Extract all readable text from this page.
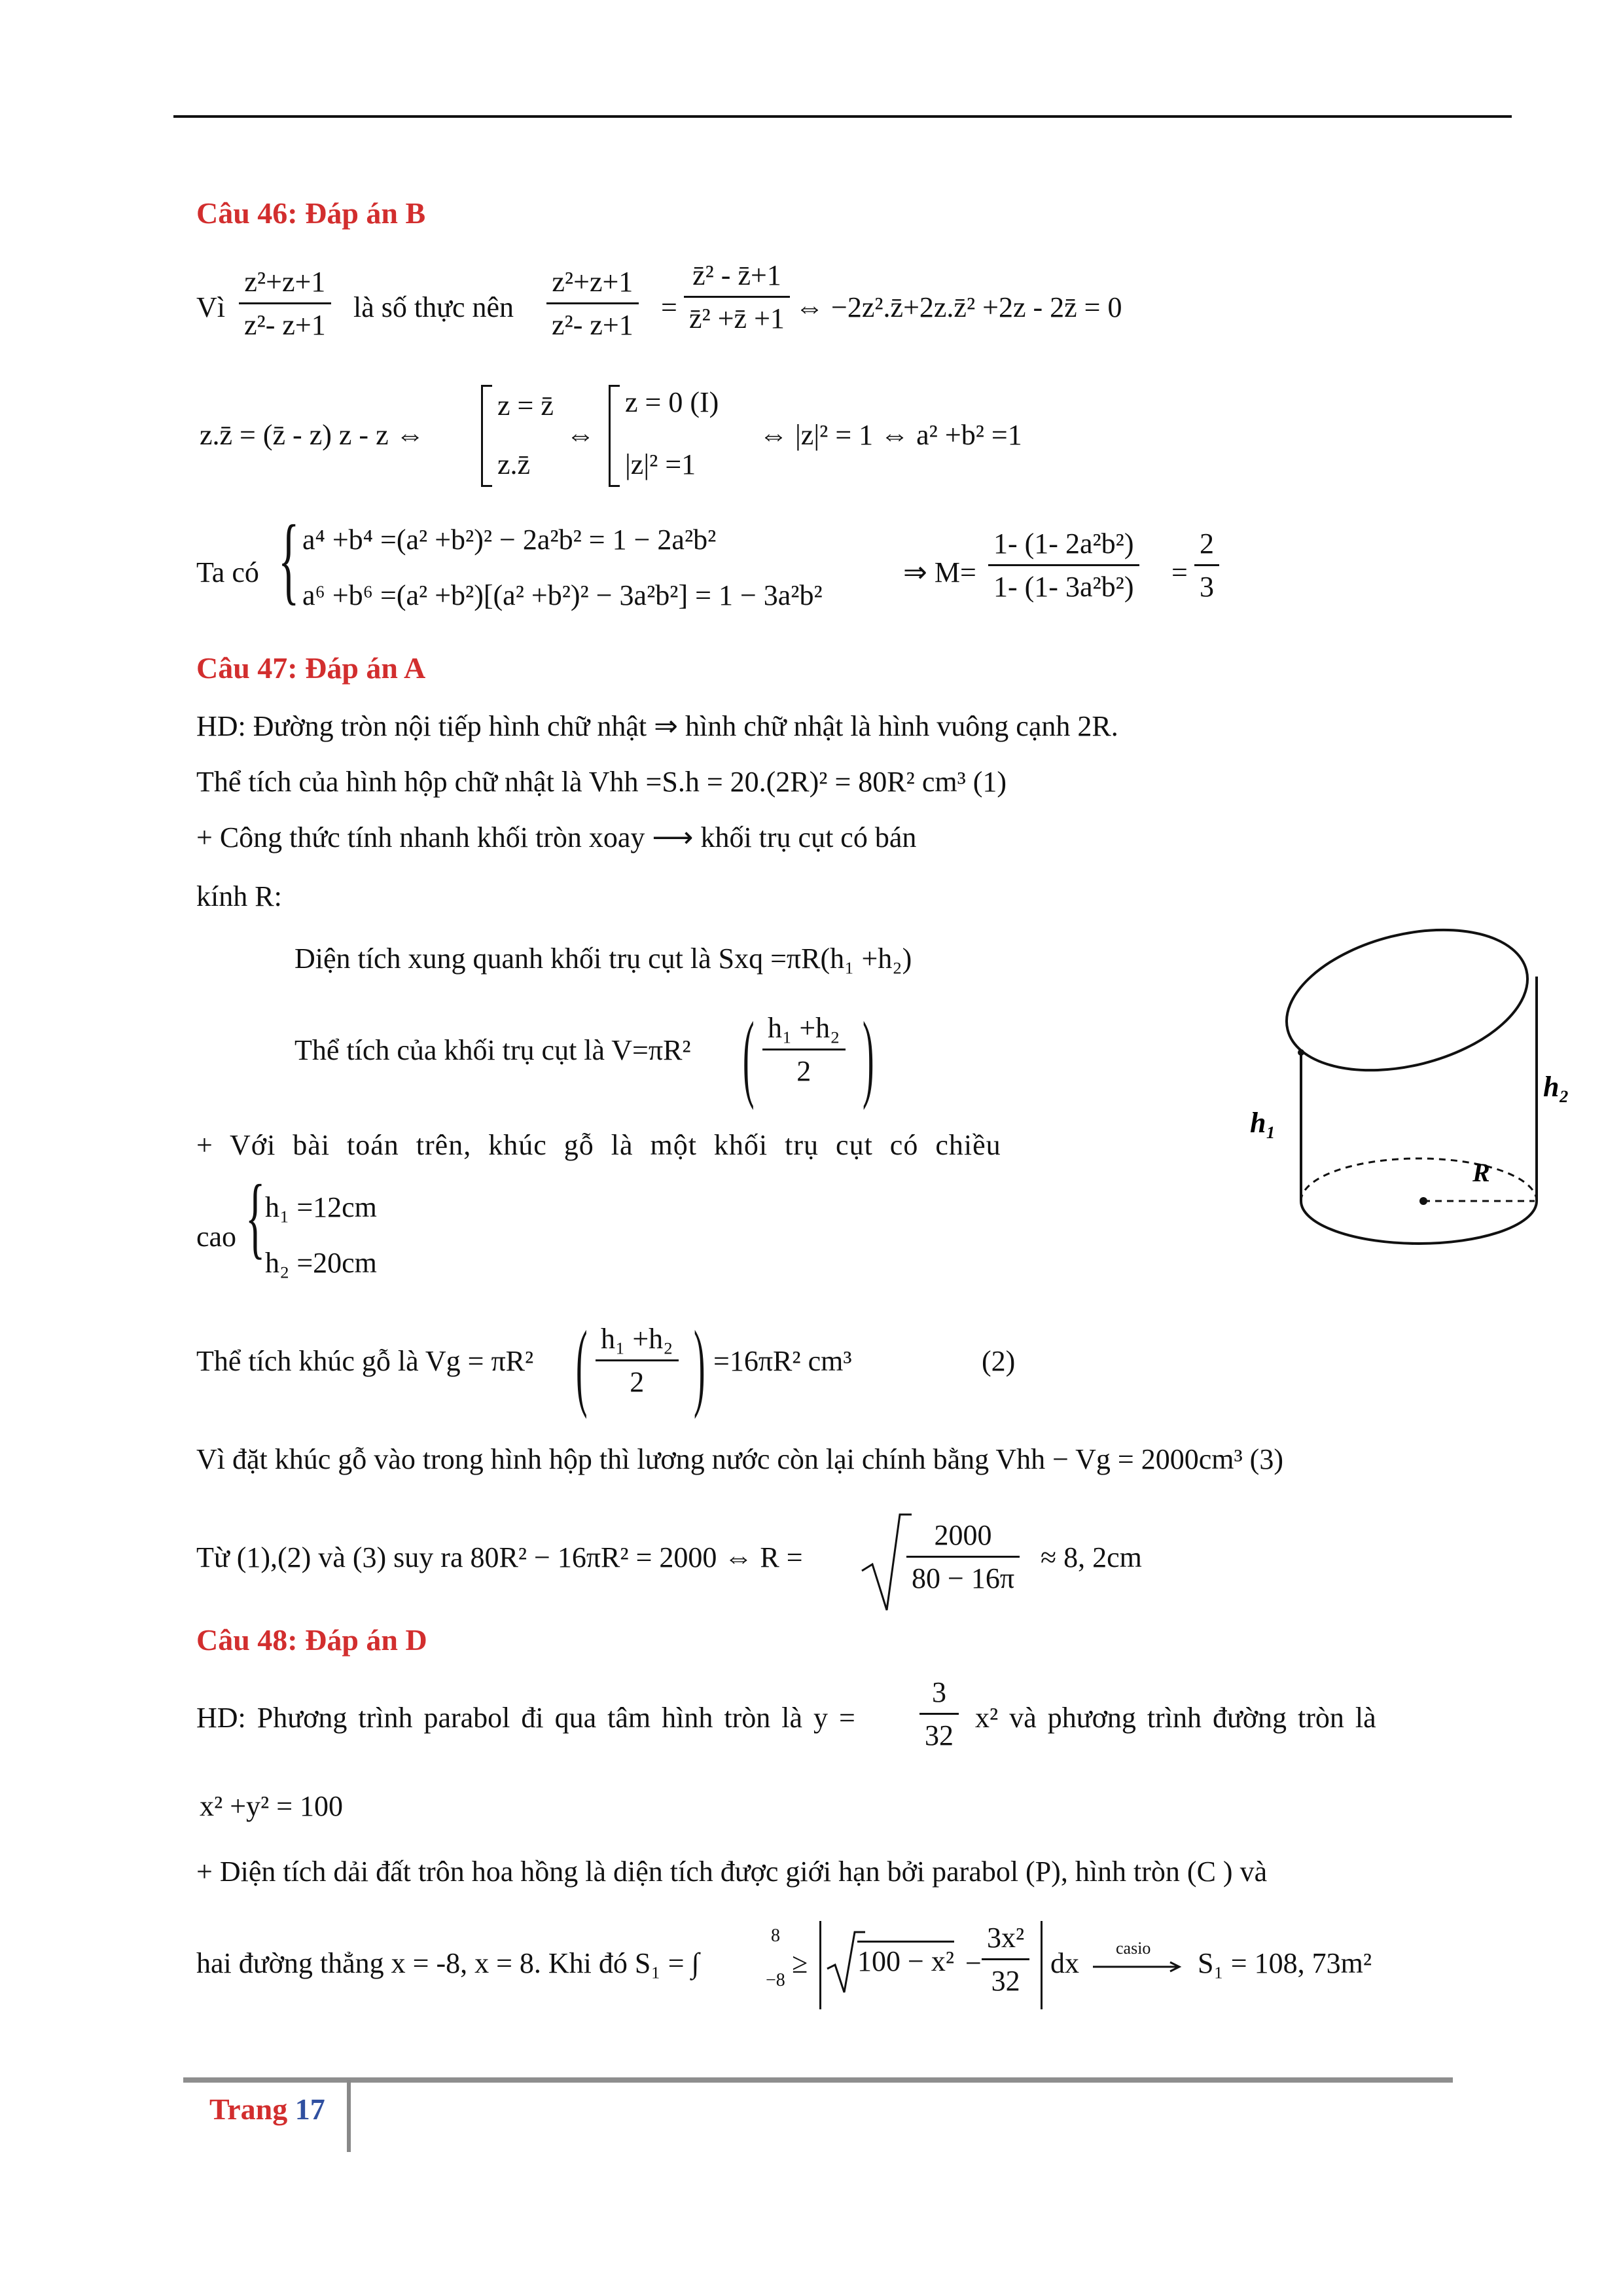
Câu 46: Đáp án B
Vì $\frac{\text{z²+z+1}}{\text{z²- z+1}}$ là số thực nên $\frac{\text{z²+z+1}}{\text{z²- z+1}} = \frac{\text{z̄² - z̄+1}}{\text{z̄² +z̄ +1}}$ ⇔ −2z².z̄+2z.z̄² +2z - 2z̄ = 0
z.z̄ = (z̄ - z) z - z ⇔
z = z̄
z.z̄
⇔
z = 0 (I)
|z|² =1
⇔ |z|² = 1 ⇔ a² +b² =1
Ta có { a⁴ +b⁴ =(a² +b²)² − 2a²b² = 1 − 2a²b²
a⁶ +b⁶ =(a² +b²)[(a² +b²)² − 3a²b²] = 1 − 3a²b²
⇒ $M= \frac{\text{1- (1- 2a²b²)}}{\text{1- (1- 3a²b²)}} = \frac{2}{3}$
Câu 47: Đáp án A
HD: Đường tròn nội tiếp hình chữ nhật ⇒ hình chữ nhật là hình vuông cạnh 2R.
Thể tích của hình hộp chữ nhật là Vhh =S.h = 20.(2R)² = 80R² cm³ (1)
+ Công thức tính nhanh khối tròn xoay ⟶ khối trụ cụt có bán
kính R:
Diện tích xung quanh khối trụ cụt là Sxq =πR(h₁ +h₂)
Thể tích của khối trụ cụt là V=πR² ( $\frac{\text{h₁ +h₂}}{2}$ )
+ Với bài toán trên, khúc gỗ là một khối trụ cụt có chiều
cao { h₁ =12cm
h₂ =20cm
Thể tích khúc gỗ là Vg = πR² ( $\frac{\text{h₁ +h₂}}{2}$ ) =16πR² cm³	(2)
Vì đặt khúc gỗ vào trong hình hộp thì lương nước còn lại chính bằng Vhh − Vg = 2000cm³ (3)
Từ (1),(2) và (3) suy ra 80R² − 16πR² = 2000 ⇔ R =	$\frac{2000}{80 - 16\pi} \approx 8$, 2cm
h₁
h₂
R
Câu 48: Đáp án D
HD: Phương trình parabol đi qua tâm hình tròn là $y = \frac{3}{32} x^2$ và phương trình đường tròn là
x² +y² = 100
+ Diện tích dải đất trôn hoa hồng là diện tích được giới hạn bởi parabol (P), hình tròn (C ) và
hai đường thẳng x = -8, x = 8. Khi đó S₁ = ∫
8
−8
≥ $100 - x^2 - \frac{\text{3x²}}{32}$ dx casio S₁ = 108, 73m²
Trang 17
